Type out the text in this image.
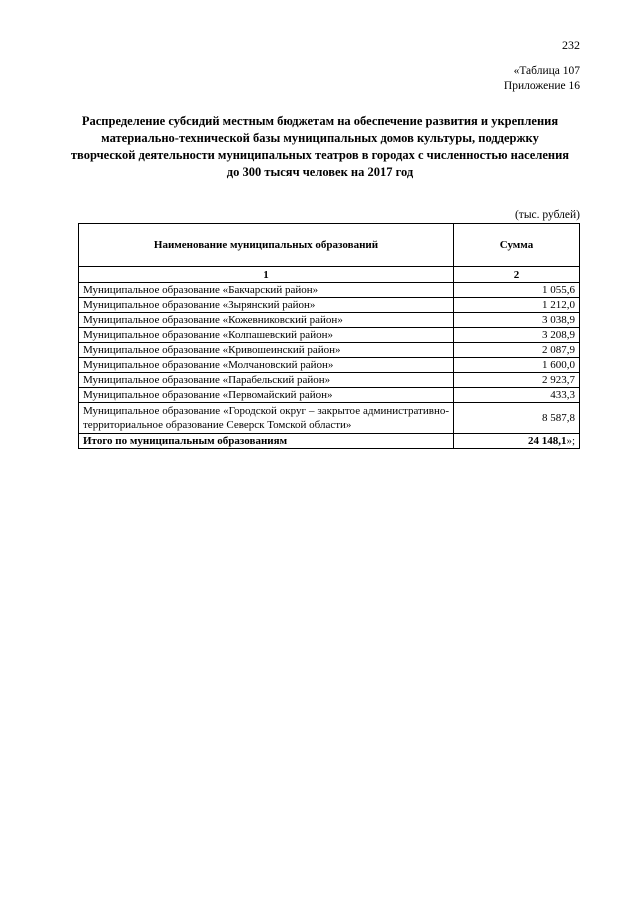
232
«Таблица 107
Приложение 16
Распределение субсидий местным бюджетам на обеспечение развития и укрепления материально-технической базы муниципальных домов культуры, поддержку творческой деятельности муниципальных театров в городах с численностью населения до 300 тысяч человек на 2017 год
(тыс. рублей)
Наименование муниципальных образований	Сумма
1	2
Муниципальное образование «Бакчарский район»	1 055,6
Муниципальное образование «Зырянский район»	1 212,0
Муниципальное образование «Кожевниковский район»	3 038,9
Муниципальное образование «Колпашевский район»	3 208,9
Муниципальное образование «Кривошеинский район»	2 087,9
Муниципальное образование «Молчановский район»	1 600,0
Муниципальное образование «Парабельский район»	2 923,7
Муниципальное образование «Первомайский район»	433,3
Муниципальное образование «Городской округ – закрытое административно-территориальное образование Северск Томской области»	8 587,8
Итого по муниципальным образованиям	24 148,1»;
